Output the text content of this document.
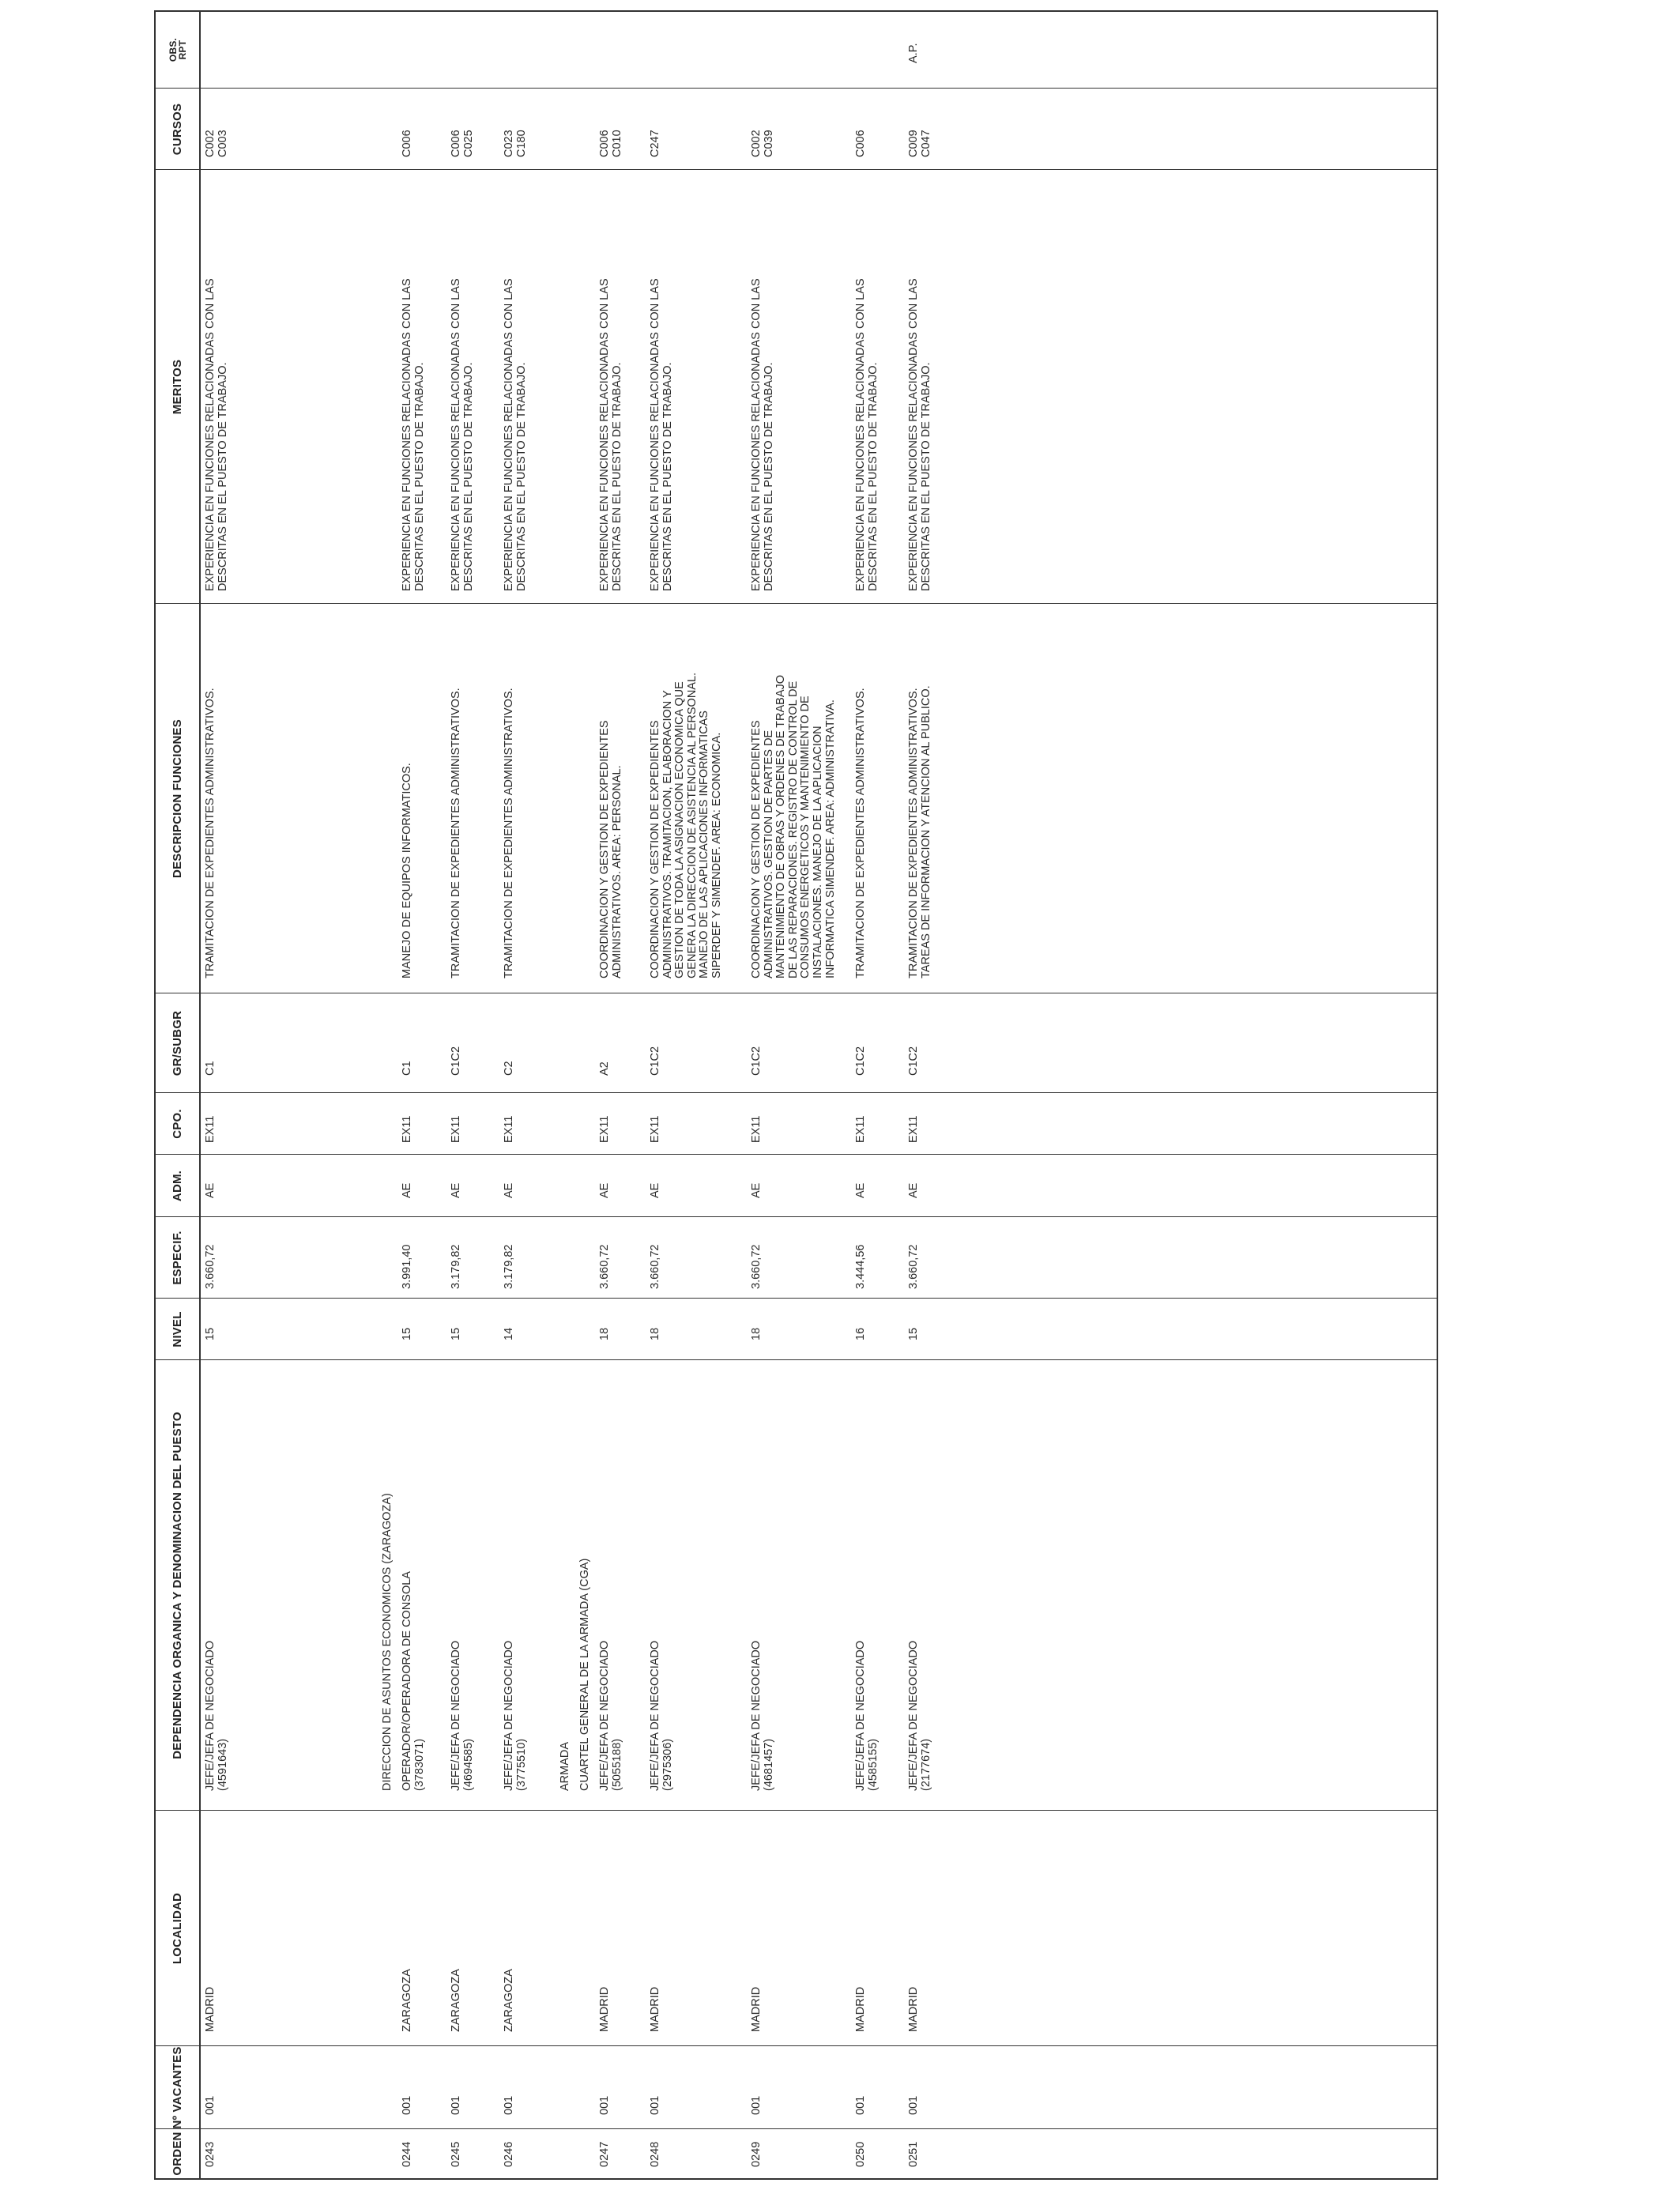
ORDEN
Nº VACANTES
LOCALIDAD
DEPENDENCIA ORGANICA Y DENOMINACION DEL PUESTO
NIVEL
ESPECIF.
ADM.
CPO.
GR/SUBGR
DESCRIPCION FUNCIONES
MERITOS
CURSOS
OBS.
RPT
DIRECCION DE ASUNTOS ECONOMICOS (ZARAGOZA)	ARMADA CUARTEL GENERAL DE LA ARMADA (CGA)
0243
001
MADRID
JEFE/JEFA DE NEGOCIADO
(4591643)
15
3.660,72
AE
EX11
C1
TRAMITACION DE EXPEDIENTES ADMINISTRATIVOS.
EXPERIENCIA EN FUNCIONES RELACIONADAS CON LAS
DESCRITAS EN EL PUESTO DE TRABAJO.
C002
C003
0244
001
ZARAGOZA
OPERADOR/OPERADORA DE CONSOLA
(3783071)
15
3.991,40
AE
EX11
C1
MANEJO DE EQUIPOS INFORMATICOS.
EXPERIENCIA EN FUNCIONES RELACIONADAS CON LAS
DESCRITAS EN EL PUESTO DE TRABAJO.
C006
0245
001
ZARAGOZA
JEFE/JEFA DE NEGOCIADO
(4694585)
15
3.179,82
AE
EX11
C1C2
TRAMITACION DE EXPEDIENTES ADMINISTRATIVOS.
EXPERIENCIA EN FUNCIONES RELACIONADAS CON LAS
DESCRITAS EN EL PUESTO DE TRABAJO.
C006
C025
0246
001
ZARAGOZA
JEFE/JEFA DE NEGOCIADO
(3775510)
14
3.179,82
AE
EX11
C2
TRAMITACION DE EXPEDIENTES ADMINISTRATIVOS.
EXPERIENCIA EN FUNCIONES RELACIONADAS CON LAS
DESCRITAS EN EL PUESTO DE TRABAJO.
C023
C180
0247
001
MADRID
JEFE/JEFA DE NEGOCIADO
(5055188)
18
3.660,72
AE
EX11
A2
COORDINACION Y GESTION DE EXPEDIENTES
ADMINISTRATIVOS. AREA: PERSONAL.
EXPERIENCIA EN FUNCIONES RELACIONADAS CON LAS
DESCRITAS EN EL PUESTO DE TRABAJO.
C006
C010
0248
001
MADRID
JEFE/JEFA DE NEGOCIADO
(2975306)
18
3.660,72
AE
EX11
C1C2
COORDINACION Y GESTION DE EXPEDIENTES
ADMINISTRATIVOS. TRAMITACION, ELABORACION Y
GESTION DE TODA LA ASIGNACION ECONOMICA QUE
GENERA LA DIRECCION DE ASISTENCIA AL PERSONAL.
MANEJO DE LAS APLICACIONES INFORMATICAS
SIPERDEF Y SIMENDEF. AREA: ECONOMICA.
EXPERIENCIA EN FUNCIONES RELACIONADAS CON LAS
DESCRITAS EN EL PUESTO DE TRABAJO.
C247
0249
001
MADRID
JEFE/JEFA DE NEGOCIADO
(4681457)
18
3.660,72
AE
EX11
C1C2
COORDINACION Y GESTION DE EXPEDIENTES
ADMINISTRATIVOS. GESTION DE PARTES DE
MANTENIMIENTO DE OBRAS Y ORDENES DE TRABAJO
DE LAS REPARACIONES. REGISTRO DE CONTROL DE
CONSUMOS ENERGETICOS Y MANTENIMIENTO DE
INSTALACIONES. MANEJO DE LA APLICACION
INFORMATICA SIMENDEF. AREA: ADMINISTRATIVA.
EXPERIENCIA EN FUNCIONES RELACIONADAS CON LAS
DESCRITAS EN EL PUESTO DE TRABAJO.
C002
C039
0250
001
MADRID
JEFE/JEFA DE NEGOCIADO
(4585155)
16
3.444,56
AE
EX11
C1C2
TRAMITACION DE EXPEDIENTES ADMINISTRATIVOS.
EXPERIENCIA EN FUNCIONES RELACIONADAS CON LAS
DESCRITAS EN EL PUESTO DE TRABAJO.
C006
0251
001
MADRID
JEFE/JEFA DE NEGOCIADO
(2177674)
15
3.660,72
AE
EX11
C1C2
TRAMITACION DE EXPEDIENTES ADMINISTRATIVOS.
TAREAS DE INFORMACION Y ATENCION AL PUBLICO.
EXPERIENCIA EN FUNCIONES RELACIONADAS CON LAS
DESCRITAS EN EL PUESTO DE TRABAJO.
C009
C047
A.P.
